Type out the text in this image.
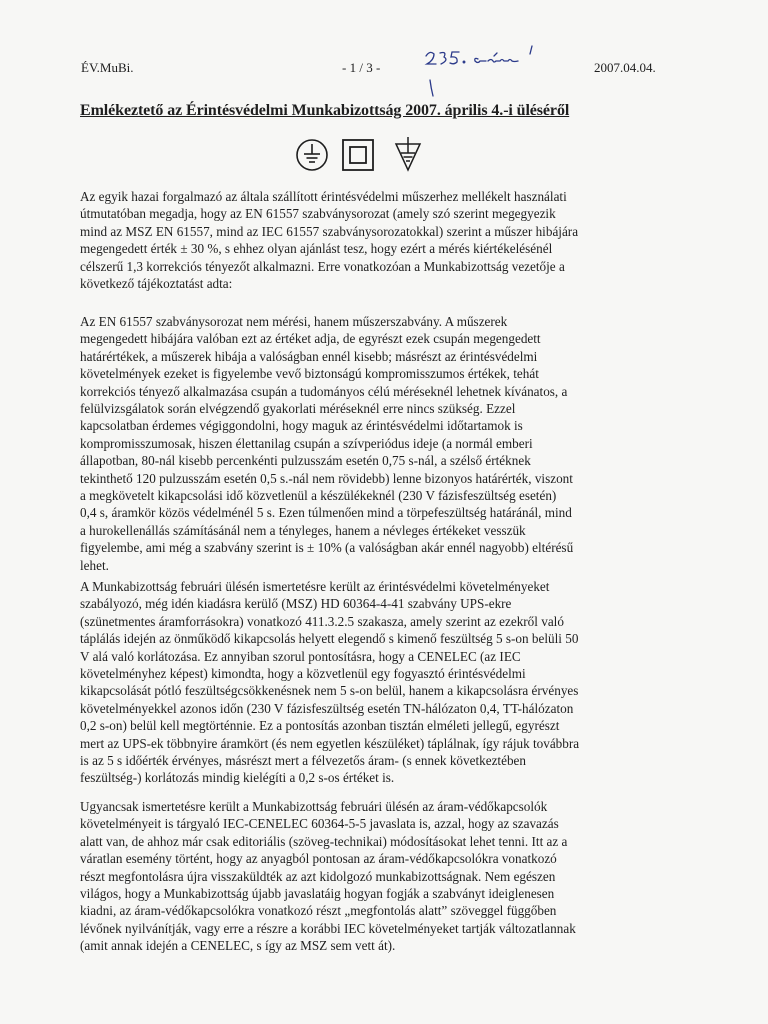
ÉV.MuBi.	- 1 / 3 -	2007.04.04.
Emlékeztető az Érintésvédelmi Munkabizottság 2007. április 4.-i üléséről

Az egyik hazai forgalmazó az általa szállított érintésvédelmi műszerhez mellékelt használati
útmutatóban megadja, hogy az EN 61557 szabványsorozat (amely szó szerint megegyezik
mind az MSZ EN 61557, mind az IEC 61557 szabványsorozatokkal) szerint a műszer hibájára
megengedett érték ± 30 %, s ehhez olyan ajánlást tesz, hogy ezért a mérés kiértékelésénél
célszerű 1,3 korrekciós tényezőt alkalmazni. Erre vonatkozóan a Munkabizottság vezetője a
következő tájékoztatást adta:

Az EN 61557 szabványsorozat nem mérési, hanem műszerszabvány. A műszerek
megengedett hibájára valóban ezt az értéket adja, de egyrészt ezek csupán megengedett
határértékek, a műszerek hibája a valóságban ennél kisebb; másrészt az érintésvédelmi
követelmények ezeket is figyelembe vevő biztonságú kompromisszumos értékek, tehát
korrekciós tényező alkalmazása csupán a tudományos célú méréseknél lehetnek kívánatos, a
felülvizsgálatok során elvégzendő gyakorlati méréseknél erre nincs szükség. Ezzel
kapcsolatban érdemes végiggondolni, hogy maguk az érintésvédelmi időtartamok is
kompromisszumosak, hiszen élettanilag csupán a szívperiódus ideje (a normál emberi
állapotban, 80-nál kisebb percenkénti pulzusszám esetén 0,75 s-nál, a szélső értéknek
tekinthető 120 pulzusszám esetén 0,5 s.-nál nem rövidebb) lenne bizonyos határérték, viszont
a megkövetelt kikapcsolási idő közvetlenül a készülékeknél (230 V fázisfeszültség esetén)
0,4 s, áramkör közös védelménél 5 s. Ezen túlmenően mind a törpefeszültség határánál, mind
a hurokellenállás számításánál nem a tényleges, hanem a névleges értékeket vesszük
figyelembe, ami még a szabvány szerint is ± 10% (a valóságban akár ennél nagyobb) eltérésű
lehet.

A Munkabizottság februári ülésén ismertetésre került az érintésvédelmi követelményeket
szabályozó, még idén kiadásra kerülő (MSZ) HD 60364-4-41 szabvány UPS-ekre
(szünetmentes áramforrásokra) vonatkozó 411.3.2.5 szakasza, amely szerint az ezekről való
táplálás idején az önműködő kikapcsolás helyett elegendő s kimenő feszültség 5 s-on belüli 50
V alá való korlátozása. Ez annyiban szorul pontosításra, hogy a CENELEC (az IEC
követelményhez képest) kimondta, hogy a közvetlenül egy fogyasztó érintésvédelmi
kikapcsolását pótló feszültségcsökkenésnek nem 5 s-on belül, hanem a kikapcsolásra érvényes
követelményekkel azonos időn (230 V fázisfeszültség esetén TN-hálózaton 0,4, TT-hálózaton
0,2 s-on) belül kell megtörténnie. Ez a pontosítás azonban tisztán elméleti jellegű, egyrészt
mert az UPS-ek többnyire áramkört (és nem egyetlen készüléket) táplálnak, így rájuk továbbra
is az 5 s időérték érvényes, másrészt mert a félvezetős áram- (s ennek következtében
feszültség-) korlátozás mindig kielégíti a 0,2 s-os értéket is.

Ugyancsak ismertetésre került a Munkabizottság februári ülésén az áram-védőkapcsolók
követelményeit is tárgyaló IEC-CENELEC 60364-5-5 javaslata is, azzal, hogy az szavazás
alatt van, de ahhoz már csak editoriális (szöveg-technikai) módosításokat lehet tenni. Itt az a
váratlan esemény történt, hogy az anyagból pontosan az áram-védőkapcsolókra vonatkozó
részt megfontolásra újra visszaküldték az azt kidolgozó munkabizottságnak. Nem egészen
világos, hogy a Munkabizottság újabb javaslatáig hogyan fogják a szabványt ideiglenesen
kiadni, az áram-védőkapcsolókra vonatkozó részt „megfontolás alatt” szöveggel függőben
lévőnek nyilvánítják, vagy erre a részre a korábbi IEC követelményeket tartják változatlannak
(amit annak idején a CENELEC, s így az MSZ sem vett át).
